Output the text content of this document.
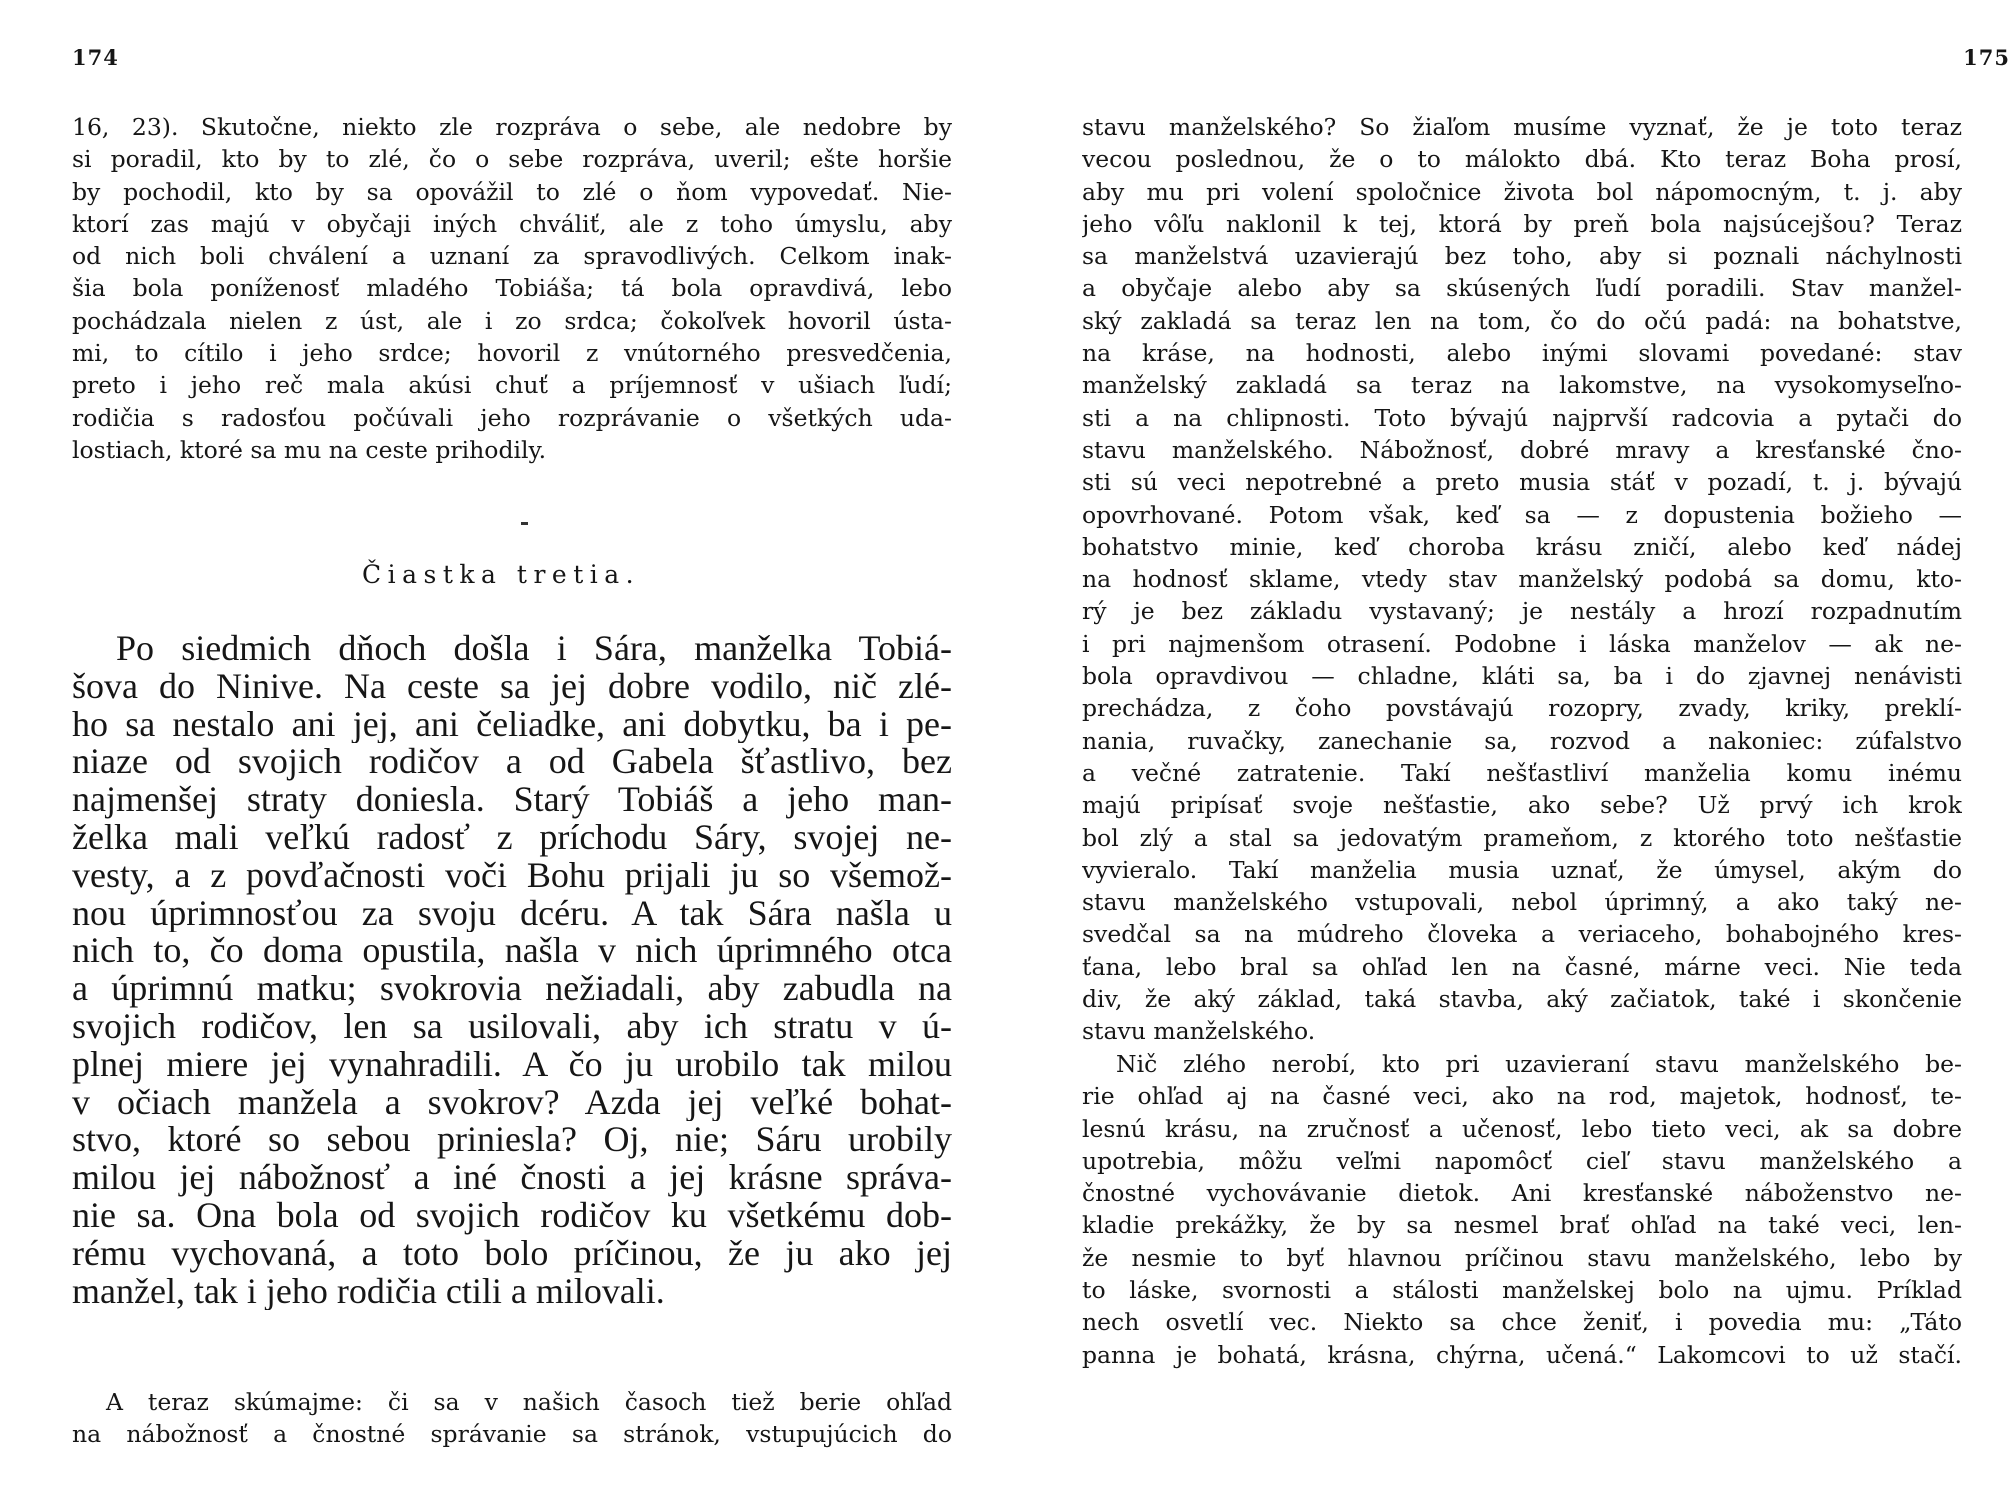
174
16, 23). Skutočne, niekto zle rozpráva o sebe, ale nedobre by
si poradil, kto by to zlé, čo o sebe rozpráva, uveril; ešte horšie
by pochodil, kto by sa opovážil to zlé o ňom vypovedať. Nie-
ktorí zas majú v obyčaji iných chváliť, ale z toho úmyslu, aby
od nich boli chválení a uznaní za spravodlivých. Celkom inak-
šia bola poníženosť mladého Tobiáša; tá bola opravdivá, lebo
pochádzala nielen z úst, ale i zo srdca; čokoľvek hovoril ústa-
mi, to cítilo i jeho srdce; hovoril z vnútorného presvedčenia,
preto i jeho reč mala akúsi chuť a príjemnosť v ušiach ľudí;
rodičia s radosťou počúvali jeho rozprávanie o všetkých uda-
lostiach, ktoré sa mu na ceste prihodily.
Čiastka tretia.
Po siedmich dňoch došla i Sára, manželka Tobiá-
šova do Ninive. Na ceste sa jej dobre vodilo, nič zlé-
ho sa nestalo ani jej, ani čeliadke, ani dobytku, ba i pe-
niaze od svojich rodičov a od Gabela šťastlivo, bez
najmenšej straty doniesla. Starý Tobiáš a jeho man-
želka mali veľkú radosť z príchodu Sáry, svojej ne-
vesty, a z povďačnosti voči Bohu prijali ju so všemož-
nou úprimnosťou za svoju dcéru. A tak Sára našla u
nich to, čo doma opustila, našla v nich úprimného otca
a úprimnú matku; svokrovia nežiadali, aby zabudla na
svojich rodičov, len sa usilovali, aby ich stratu v ú-
plnej miere jej vynahradili. A čo ju urobilo tak milou
v očiach manžela a svokrov? Azda jej veľké bohat-
stvo, ktoré so sebou priniesla? Oj, nie; Sáru urobily
milou jej nábožnosť a iné čnosti a jej krásne správa-
nie sa. Ona bola od svojich rodičov ku všetkému dob-
rému vychovaná, a toto bolo príčinou, že ju ako jej
manžel, tak i jeho rodičia ctili a milovali.
A teraz skúmajme: či sa v našich časoch tiež berie ohľad
na nábožnosť a čnostné správanie sa stránok, vstupujúcich do
175
stavu manželského? So žiaľom musíme vyznať, že je toto teraz
vecou poslednou, že o to málokto dbá. Kto teraz Boha prosí,
aby mu pri volení spoločnice života bol nápomocným, t. j. aby
jeho vôľu naklonil k tej, ktorá by preň bola najsúcejšou? Teraz
sa manželstvá uzavierajú bez toho, aby si poznali náchylnosti
a obyčaje alebo aby sa skúsených ľudí poradili. Stav manžel-
ský zakladá sa teraz len na tom, čo do očú padá: na bohatstve,
na kráse, na hodnosti, alebo inými slovami povedané: stav
manželský zakladá sa teraz na lakomstve, na vysokomyseľno-
sti a na chlipnosti. Toto bývajú najprvší radcovia a pytači do
stavu manželského. Nábožnosť, dobré mravy a kresťanské čno-
sti sú veci nepotrebné a preto musia stáť v pozadí, t. j. bývajú
opovrhované. Potom však, keď sa — z dopustenia božieho —
bohatstvo minie, keď choroba krásu zničí, alebo keď nádej
na hodnosť sklame, vtedy stav manželský podobá sa domu, kto-
rý je bez základu vystavaný; je nestály a hrozí rozpadnutím
i pri najmenšom otrasení. Podobne i láska manželov — ak ne-
bola opravdivou — chladne, kláti sa, ba i do zjavnej nenávisti
prechádza, z čoho povstávajú rozopry, zvady, kriky, preklí-
nania, ruvačky, zanechanie sa, rozvod a nakoniec: zúfalstvo
a večné zatratenie. Takí nešťastliví manželia komu inému
majú pripísať svoje nešťastie, ako sebe? Už prvý ich krok
bol zlý a stal sa jedovatým prameňom, z ktorého toto nešťastie
vyvieralo. Takí manželia musia uznať, že úmysel, akým do
stavu manželského vstupovali, nebol úprimný, a ako taký ne-
svedčal sa na múdreho človeka a veriaceho, bohabojného kres-
ťana, lebo bral sa ohľad len na časné, márne veci. Nie teda
div, že aký základ, taká stavba, aký začiatok, také i skončenie
stavu manželského.
Nič zlého nerobí, kto pri uzavieraní stavu manželského be-
rie ohľad aj na časné veci, ako na rod, majetok, hodnosť, te-
lesnú krásu, na zručnosť a učenosť, lebo tieto veci, ak sa dobre
upotrebia, môžu veľmi napomôcť cieľ stavu manželského a
čnostné vychovávanie dietok. Ani kresťanské náboženstvo ne-
kladie prekážky, že by sa nesmel brať ohľad na také veci, len-
že nesmie to byť hlavnou príčinou stavu manželského, lebo by
to láske, svornosti a stálosti manželskej bolo na ujmu. Príklad
nech osvetlí vec. Niekto sa chce ženiť, i povedia mu: „Táto
panna je bohatá, krásna, chýrna, učená.“ Lakomcovi to už stačí.
